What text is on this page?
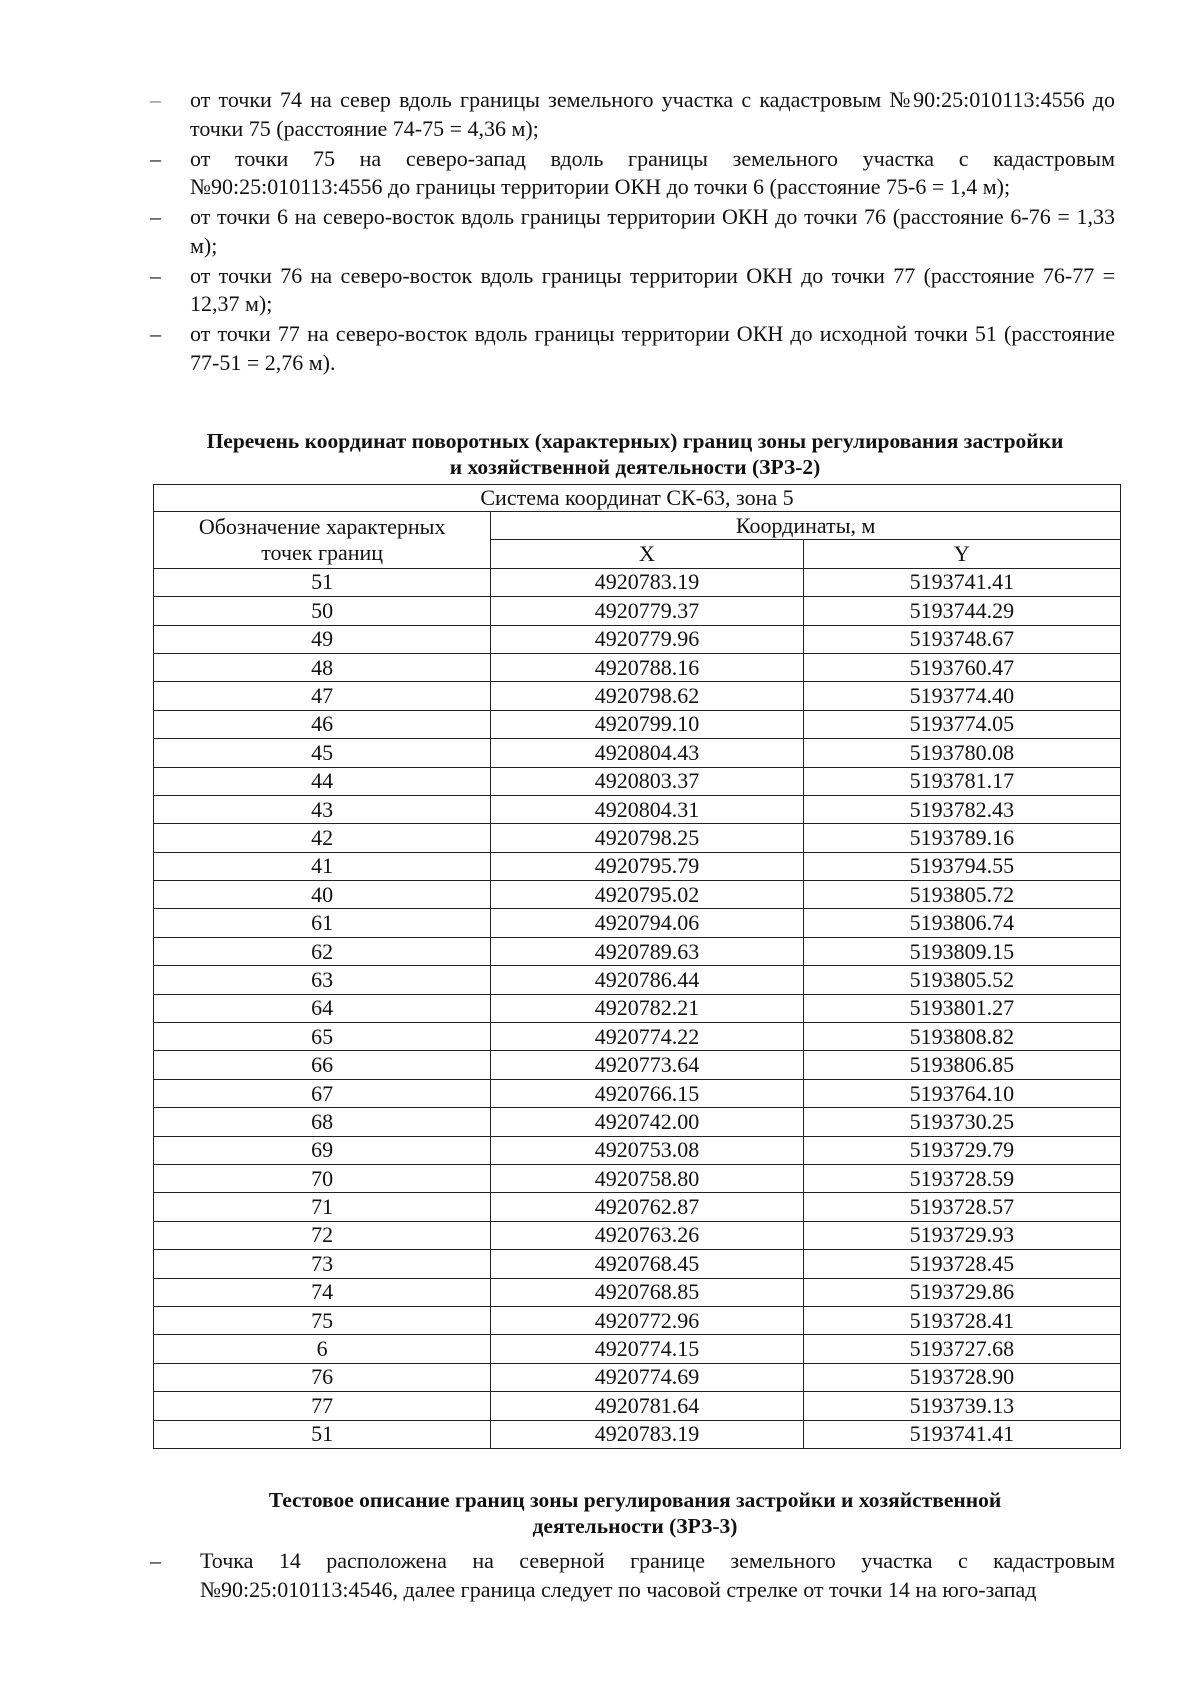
–	от точки 74 на север вдоль границы земельного участка с кадастровым №90:25:010113:4556 до точки 75 (расстояние 74-75 = 4,36 м);
–	от точки 75 на северо-запад вдоль границы земельного участка с кадастровым №90:25:010113:4556 до границы территории ОКН до точки 6 (расстояние 75-6 = 1,4 м);
–	от точки 6 на северо-восток вдоль границы территории ОКН до точки 76 (расстояние 6-76 = 1,33 м);
–	от точки 76 на северо-восток вдоль границы территории ОКН до точки 77 (расстояние 76-77 = 12,37 м);
–	от точки 77 на северо-восток вдоль границы территории ОКН до исходной точки 51 (расстояние 77-51 = 2,76 м).
Перечень координат поворотных (характерных) границ зоны регулирования застройки
и хозяйственной деятельности (ЗРЗ-2)
Система координат СК-63, зона 5		

Обозначение характерных
точек границ	Координаты, м	
	X	Y
51	4920783.19	5193741.41
50	4920779.37	5193744.29
49	4920779.96	5193748.67
48	4920788.16	5193760.47
47	4920798.62	5193774.40
46	4920799.10	5193774.05
45	4920804.43	5193780.08
44	4920803.37	5193781.17
43	4920804.31	5193782.43
42	4920798.25	5193789.16
41	4920795.79	5193794.55
40	4920795.02	5193805.72
61	4920794.06	5193806.74
62	4920789.63	5193809.15
63	4920786.44	5193805.52
64	4920782.21	5193801.27
65	4920774.22	5193808.82
66	4920773.64	5193806.85
67	4920766.15	5193764.10
68	4920742.00	5193730.25
69	4920753.08	5193729.79
70	4920758.80	5193728.59
71	4920762.87	5193728.57
72	4920763.26	5193729.93
73	4920768.45	5193728.45
74	4920768.85	5193729.86
75	4920772.96	5193728.41
6	4920774.15	5193727.68
76	4920774.69	5193728.90
77	4920781.64	5193739.13
51	4920783.19	5193741.41
Тестовое описание границ зоны регулирования застройки и хозяйственной
деятельности (ЗРЗ-3)
–	Точка 14 расположена на северной границе земельного участка с кадастровым №90:25:010113:4546, далее граница следует по часовой стрелке от точки 14 на юго-запад
